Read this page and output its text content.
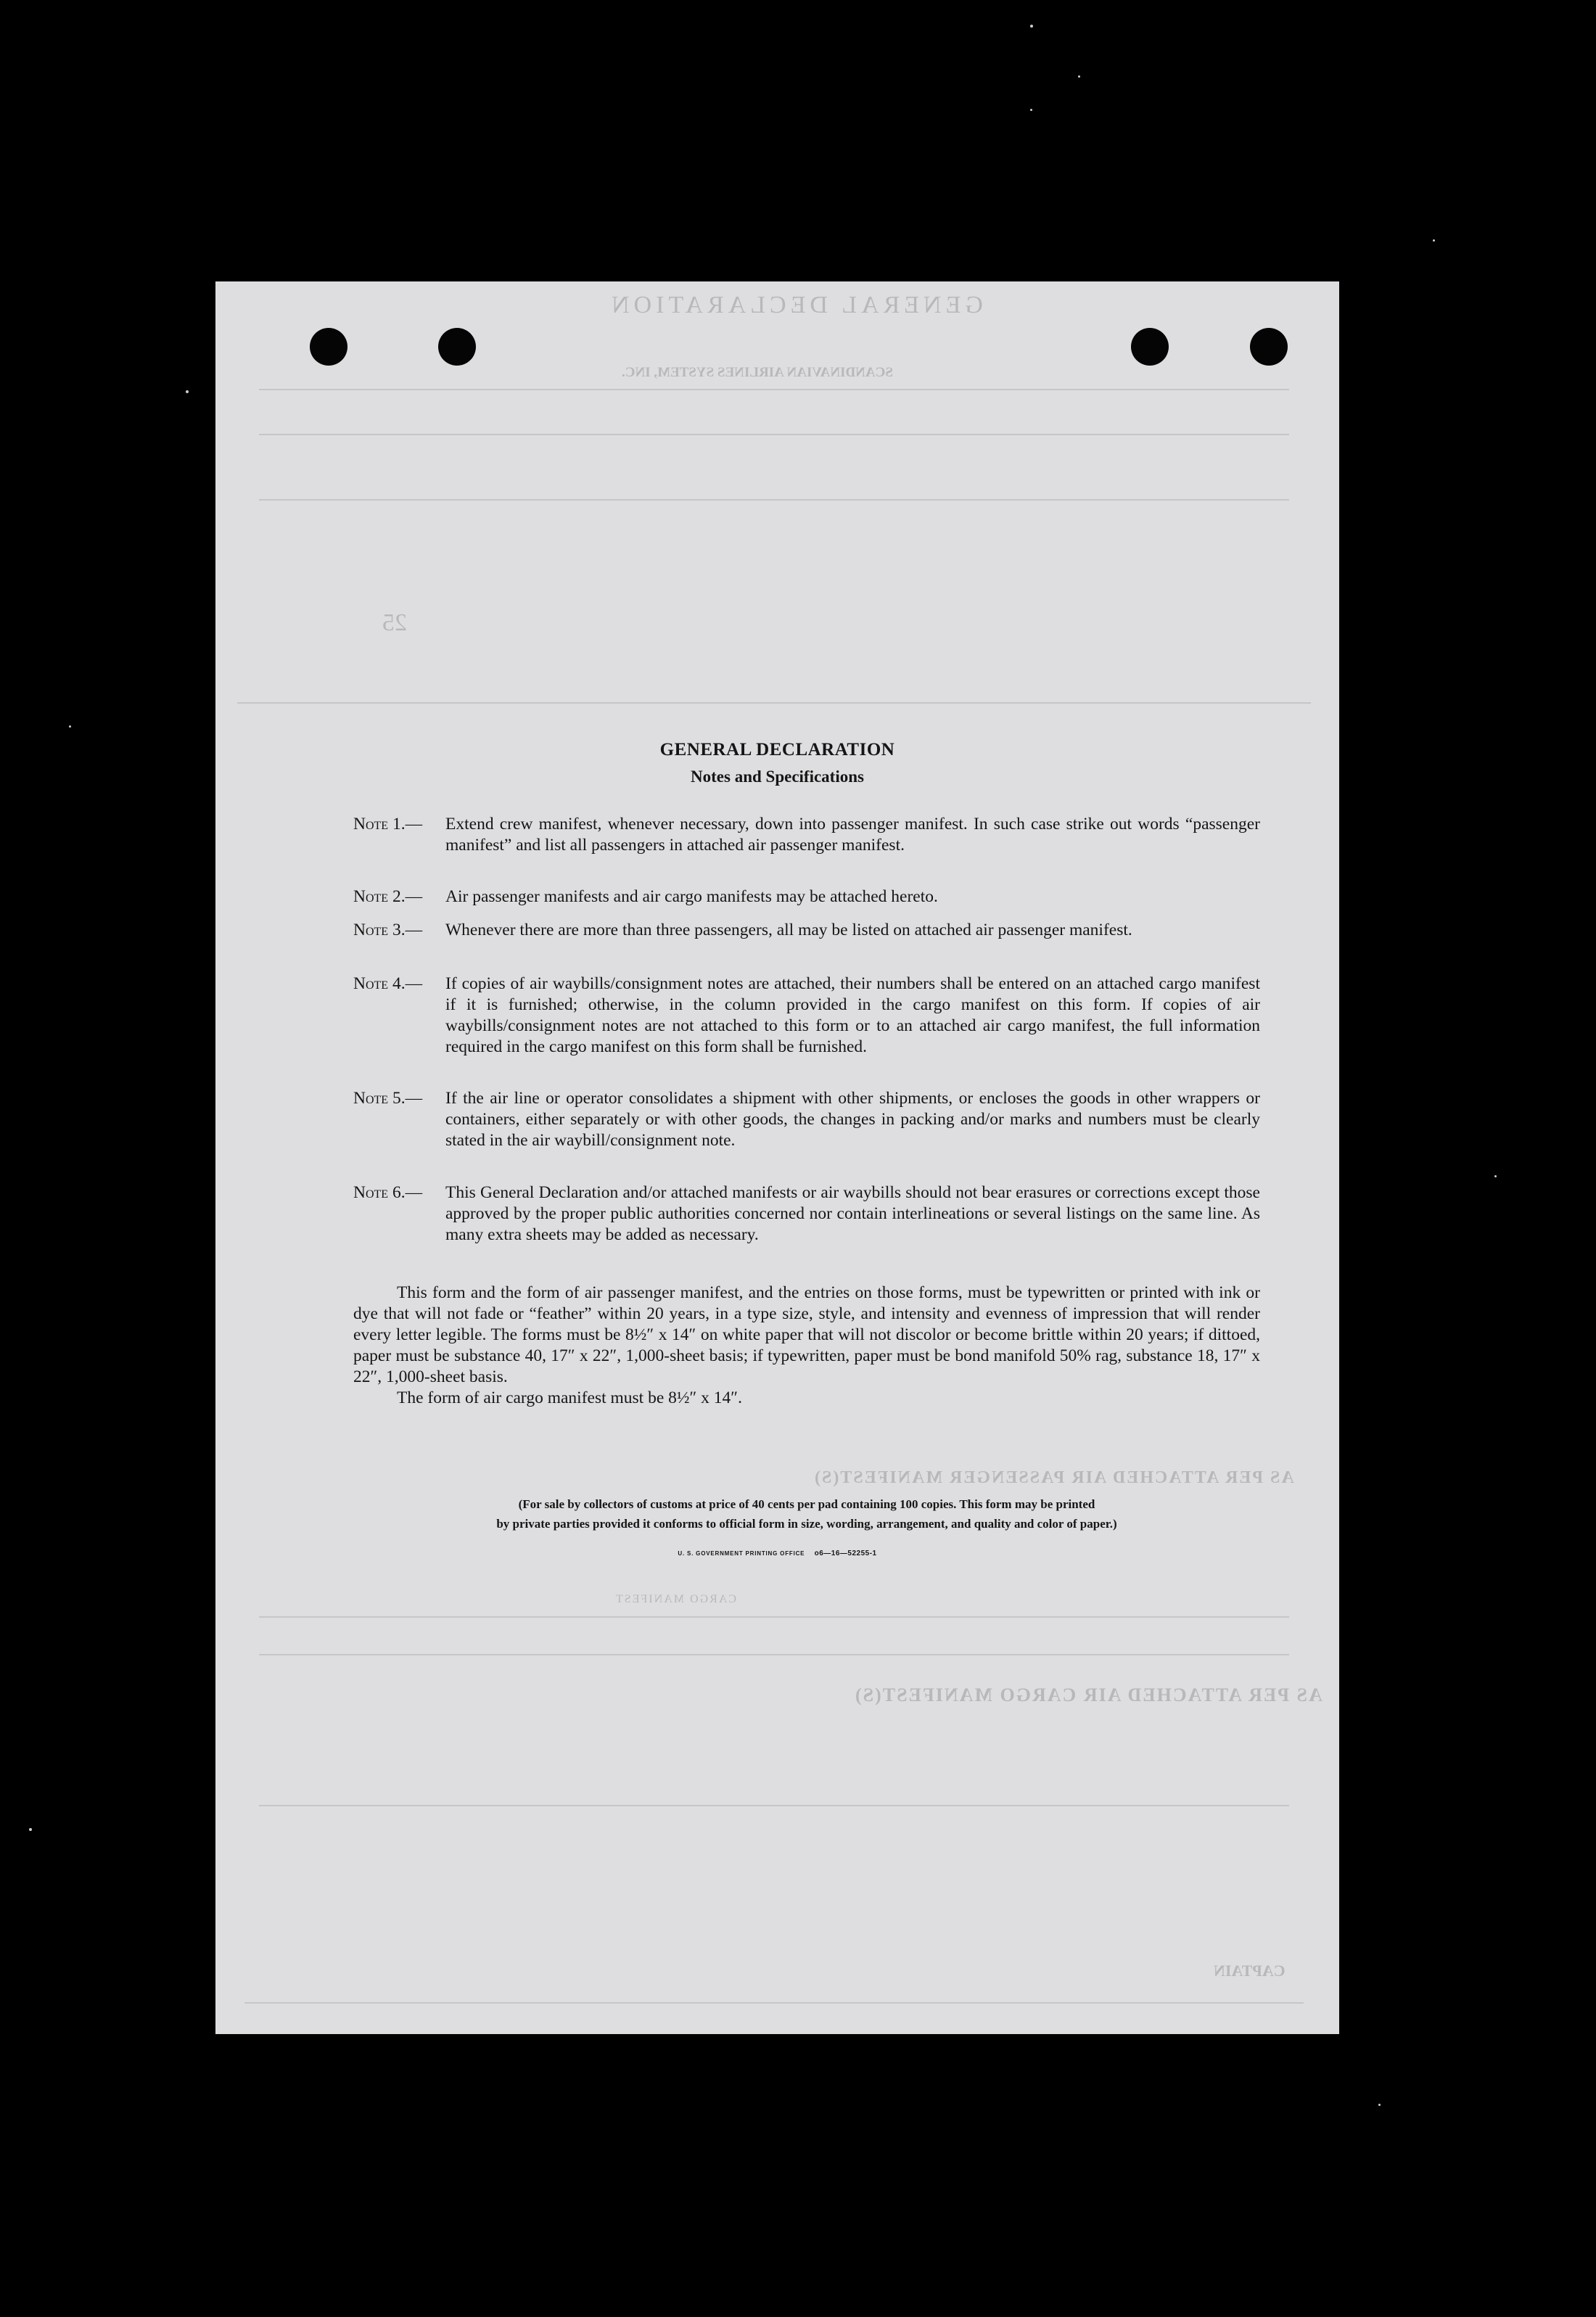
GENERAL DECLARATION
SCANDINAVIAN AIRLINES SYSTEM, INC.
25
AS PER ATTACHED AIR PASSENGER MANIFEST(S)
CARGO MANIFEST
AS PER ATTACHED AIR CARGO MANIFEST(S)
CAPTAIN
GENERAL DECLARATION
Notes and Specifications
Note 1.— Extend crew manifest, whenever necessary, down into passenger manifest. In such case strike out words “passenger manifest” and list all passengers in attached air passenger manifest.
Note 2.— Air passenger manifests and air cargo manifests may be attached hereto.
Note 3.— Whenever there are more than three passengers, all may be listed on attached air passenger manifest.
Note 4.— If copies of air waybills/consignment notes are attached, their numbers shall be entered on an attached cargo manifest if it is furnished; otherwise, in the column provided in the cargo manifest on this form. If copies of air waybills/consignment notes are not attached to this form or to an attached air cargo manifest, the full information required in the cargo manifest on this form shall be furnished.
Note 5.— If the air line or operator consolidates a shipment with other shipments, or encloses the goods in other wrappers or containers, either separately or with other goods, the changes in packing and/or marks and numbers must be clearly stated in the air waybill/consignment note.
Note 6.— This General Declaration and/or attached manifests or air waybills should not bear erasures or corrections except those approved by the proper public authorities concerned nor contain interlineations or several listings on the same line. As many extra sheets may be added as necessary.

This form and the form of air passenger manifest, and the entries on those forms, must be typewritten or printed with ink or dye that will not fade or “feather” within 20 years, in a type size, style, and intensity and evenness of impression that will render every letter legible. The forms must be 8½″ x 14″ on white paper that will not discolor or become brittle within 20 years; if dittoed, paper must be substance 40, 17″ x 22″, 1,000-sheet basis; if typewritten, paper must be bond manifold 50% rag, substance 18, 17″ x 22″, 1,000-sheet basis.

The form of air cargo manifest must be 8½″ x 14″.

(For sale by collectors of customs at price of 40 cents per pad containing 100 copies. This form may be printed
by private parties provided it conforms to official form in size, wording, arrangement, and quality and color of paper.)
U. S. GOVERNMENT PRINTING OFFICE o6—16—52255-1
